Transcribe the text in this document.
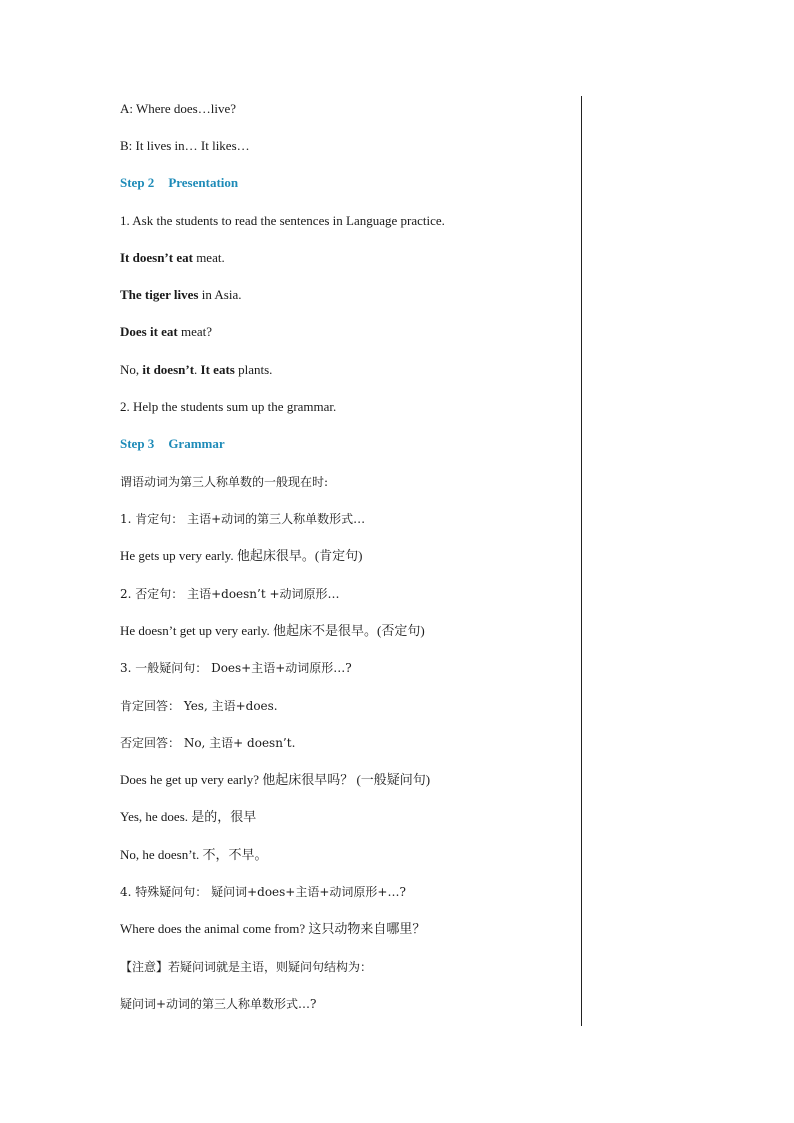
A: Where does…live?
B: It lives in… It likes…
Step 2 Presentation
1. Ask the students to read the sentences in Language practice.
It doesn’t eat meat.
The tiger lives in Asia.
Does it eat meat?
No, it doesn’t. It eats plants.
2. Help the students sum up the grammar.
Step 3 Grammar
谓语动词为第三人称单数的一般现在时:
1. 肯定句： 主语+动词的第三人称单数形式…
He gets up very early. 他起床很早。(肯定句)
2. 否定句： 主语+doesn’t +动词原形…
He doesn’t get up very early. 他起床不是很早。(否定句)
3. 一般疑问句： Does+主语+动词原形…?
肯定回答： Yes, 主语+does.
否定回答： No, 主语+ doesn’t.
Does he get up very early? 他起床很早吗？ (一般疑问句)
Yes, he does. 是的，很早
No, he doesn’t. 不，不早。
4. 特殊疑问句： 疑问词+does+主语+动词原形+…?
Where does the animal come from? 这只动物来自哪里？
【注意】若疑问词就是主语，则疑问句结构为：
疑问词+动词的第三人称单数形式…?
